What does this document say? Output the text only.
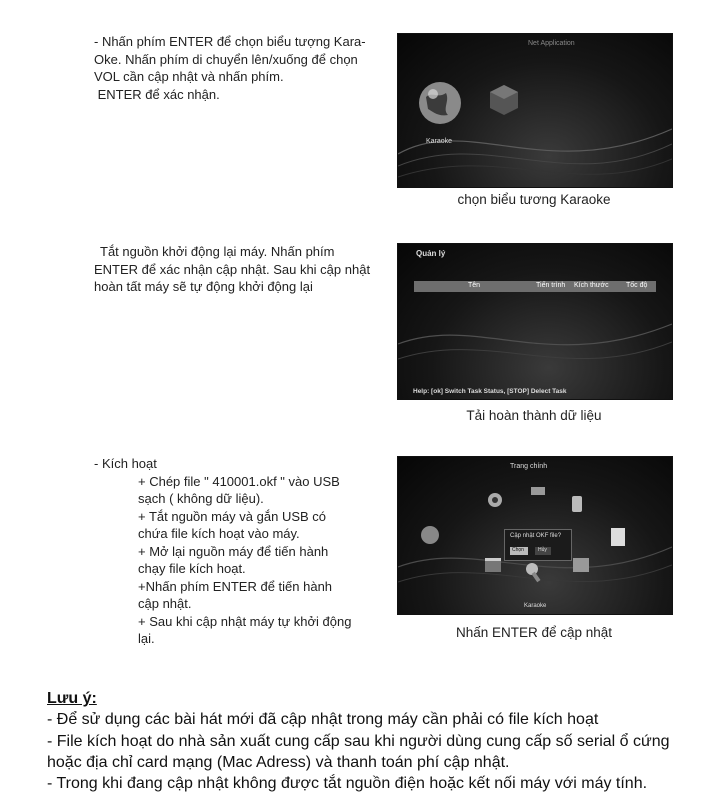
- Nhấn phím ENTER để chọn biểu tượng Kara-
Oke. Nhấn phím di chuyển lên/xuống để chọn
VOL cần cập nhật và nhấn phím.
ENTER để xác nhận.
Net Application
Karaoke
chọn biểu tương Karaoke
Tắt nguồn khởi động lại máy. Nhấn phím
ENTER để xác nhận cập nhật. Sau khi cập nhật
hoàn tất máy sẽ tự động khởi động lại
Quản lý
Tên	Tiến trình Kích thước Tốc độ
Help: [ok] Switch Task Status, [STOP] Delect Task
Tải hoàn thành dữ liệu
- Kích hoạt
+ Chép file " 410001.okf " vào USB
sạch ( không dữ liệu).
+ Tắt nguồn máy và gắn USB có
chứa file kích hoạt vào máy.
+ Mở lại nguồn máy để tiến hành
chạy file kích hoạt.
+Nhấn phím ENTER để tiến hành
cập nhật.
+ Sau khi cập nhật máy tự khởi động
lại.
Trang chính
Cập nhật OKF file?
Chọn	Hủy
Karaoke
Nhấn ENTER để cập nhật
Lưu ý:
- Để sử dụng các bài hát mới đã cập nhật trong máy cần phải có file kích hoạt
- File kích hoạt do nhà sản xuất cung cấp sau khi người dùng cung cấp số serial ổ cứng
hoặc địa chỉ card mạng (Mac Adress) và thanh toán phí cập nhật.
- Trong khi đang cập nhật không được tắt nguồn điện hoặc kết nối máy với máy tính.
